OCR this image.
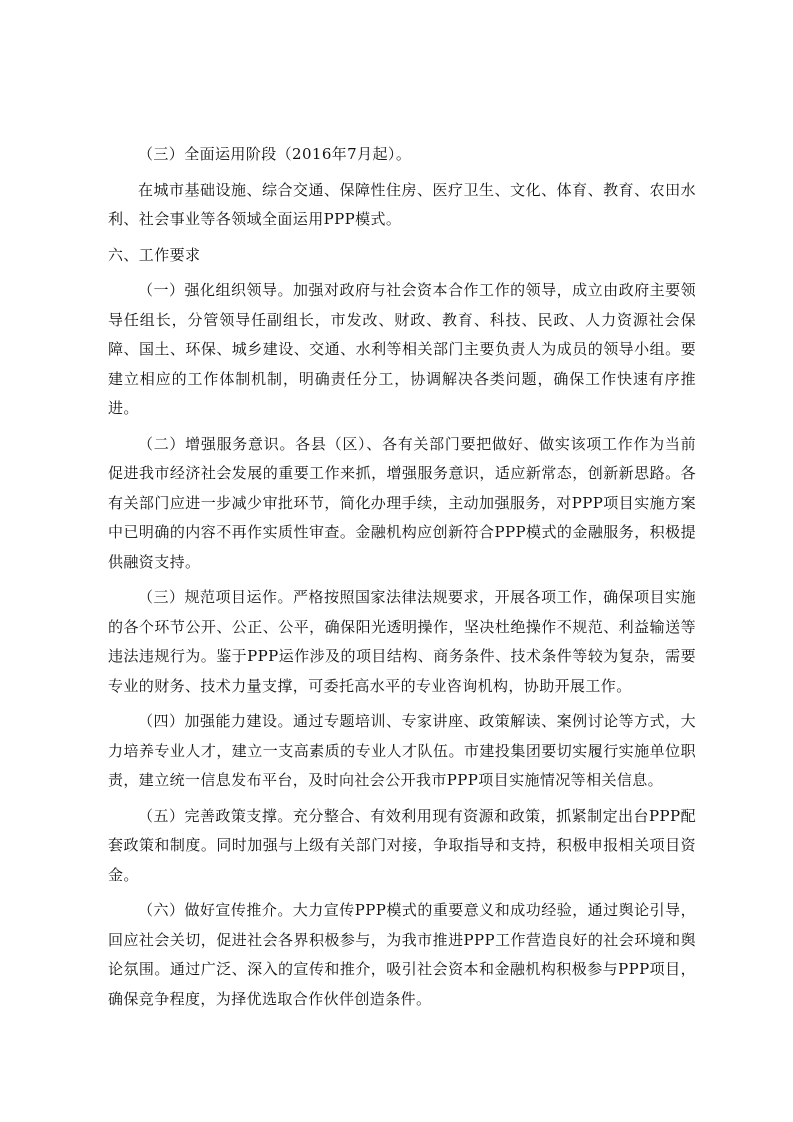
（三）全面运用阶段（2016年7月起）。

在城市基础设施、综合交通、保障性住房、医疗卫生、文化、体育、教育、农田水利、社会事业等各领域全面运用PPP模式。

六、工作要求

（一）强化组织领导。加强对政府与社会资本合作工作的领导，成立由政府主要领导任组长，分管领导任副组长，市发改、财政、教育、科技、民政、人力资源社会保障、国土、环保、城乡建设、交通、水利等相关部门主要负责人为成员的领导小组。要建立相应的工作体制机制，明确责任分工，协调解决各类问题，确保工作快速有序推进。

（二）增强服务意识。各县（区）、各有关部门要把做好、做实该项工作作为当前促进我市经济社会发展的重要工作来抓，增强服务意识，适应新常态，创新新思路。各有关部门应进一步减少审批环节，简化办理手续，主动加强服务，对PPP项目实施方案中已明确的内容不再作实质性审查。金融机构应创新符合PPP模式的金融服务，积极提供融资支持。

（三）规范项目运作。严格按照国家法律法规要求，开展各项工作，确保项目实施的各个环节公开、公正、公平，确保阳光透明操作，坚决杜绝操作不规范、利益输送等违法违规行为。鉴于PPP运作涉及的项目结构、商务条件、技术条件等较为复杂，需要专业的财务、技术力量支撑，可委托高水平的专业咨询机构，协助开展工作。

（四）加强能力建设。通过专题培训、专家讲座、政策解读、案例讨论等方式，大力培养专业人才，建立一支高素质的专业人才队伍。市建投集团要切实履行实施单位职责，建立统一信息发布平台，及时向社会公开我市PPP项目实施情况等相关信息。

（五）完善政策支撑。充分整合、有效利用现有资源和政策，抓紧制定出台PPP配套政策和制度。同时加强与上级有关部门对接，争取指导和支持，积极申报相关项目资金。

（六）做好宣传推介。大力宣传PPP模式的重要意义和成功经验，通过舆论引导，回应社会关切，促进社会各界积极参与，为我市推进PPP工作营造良好的社会环境和舆论氛围。通过广泛、深入的宣传和推介，吸引社会资本和金融机构积极参与PPP项目，确保竞争程度，为择优选取合作伙伴创造条件。
